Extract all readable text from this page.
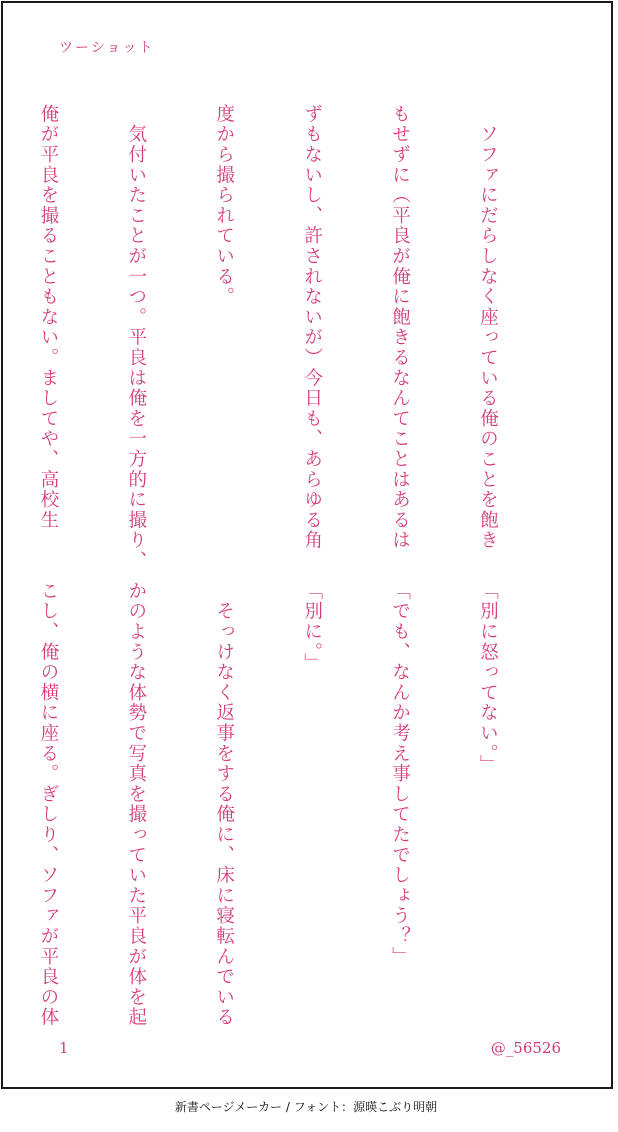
ツーショット

　ソファにだらしなく座っている俺のことを飽き

もせずに（平良が俺に飽きるなんてことはあるは

ずもないし、許されないが）今日も、あらゆる角

度から撮られている。

　気付いたことが一つ。平良は俺を一方的に撮り、

俺が平良を撮ることもない。ましてや、高校生

「別に怒ってない。」

「でも、なんか考え事してたでしょう？」

「別に。」

　そっけなく返事をする俺に、床に寝転んでいる

かのような体勢で写真を撮っていた平良が体を起

こし、俺の横に座る。ぎしり、ソファが平良の体

1	@_56526
新書ページメーカー / フォント：源暎こぶり明朝
